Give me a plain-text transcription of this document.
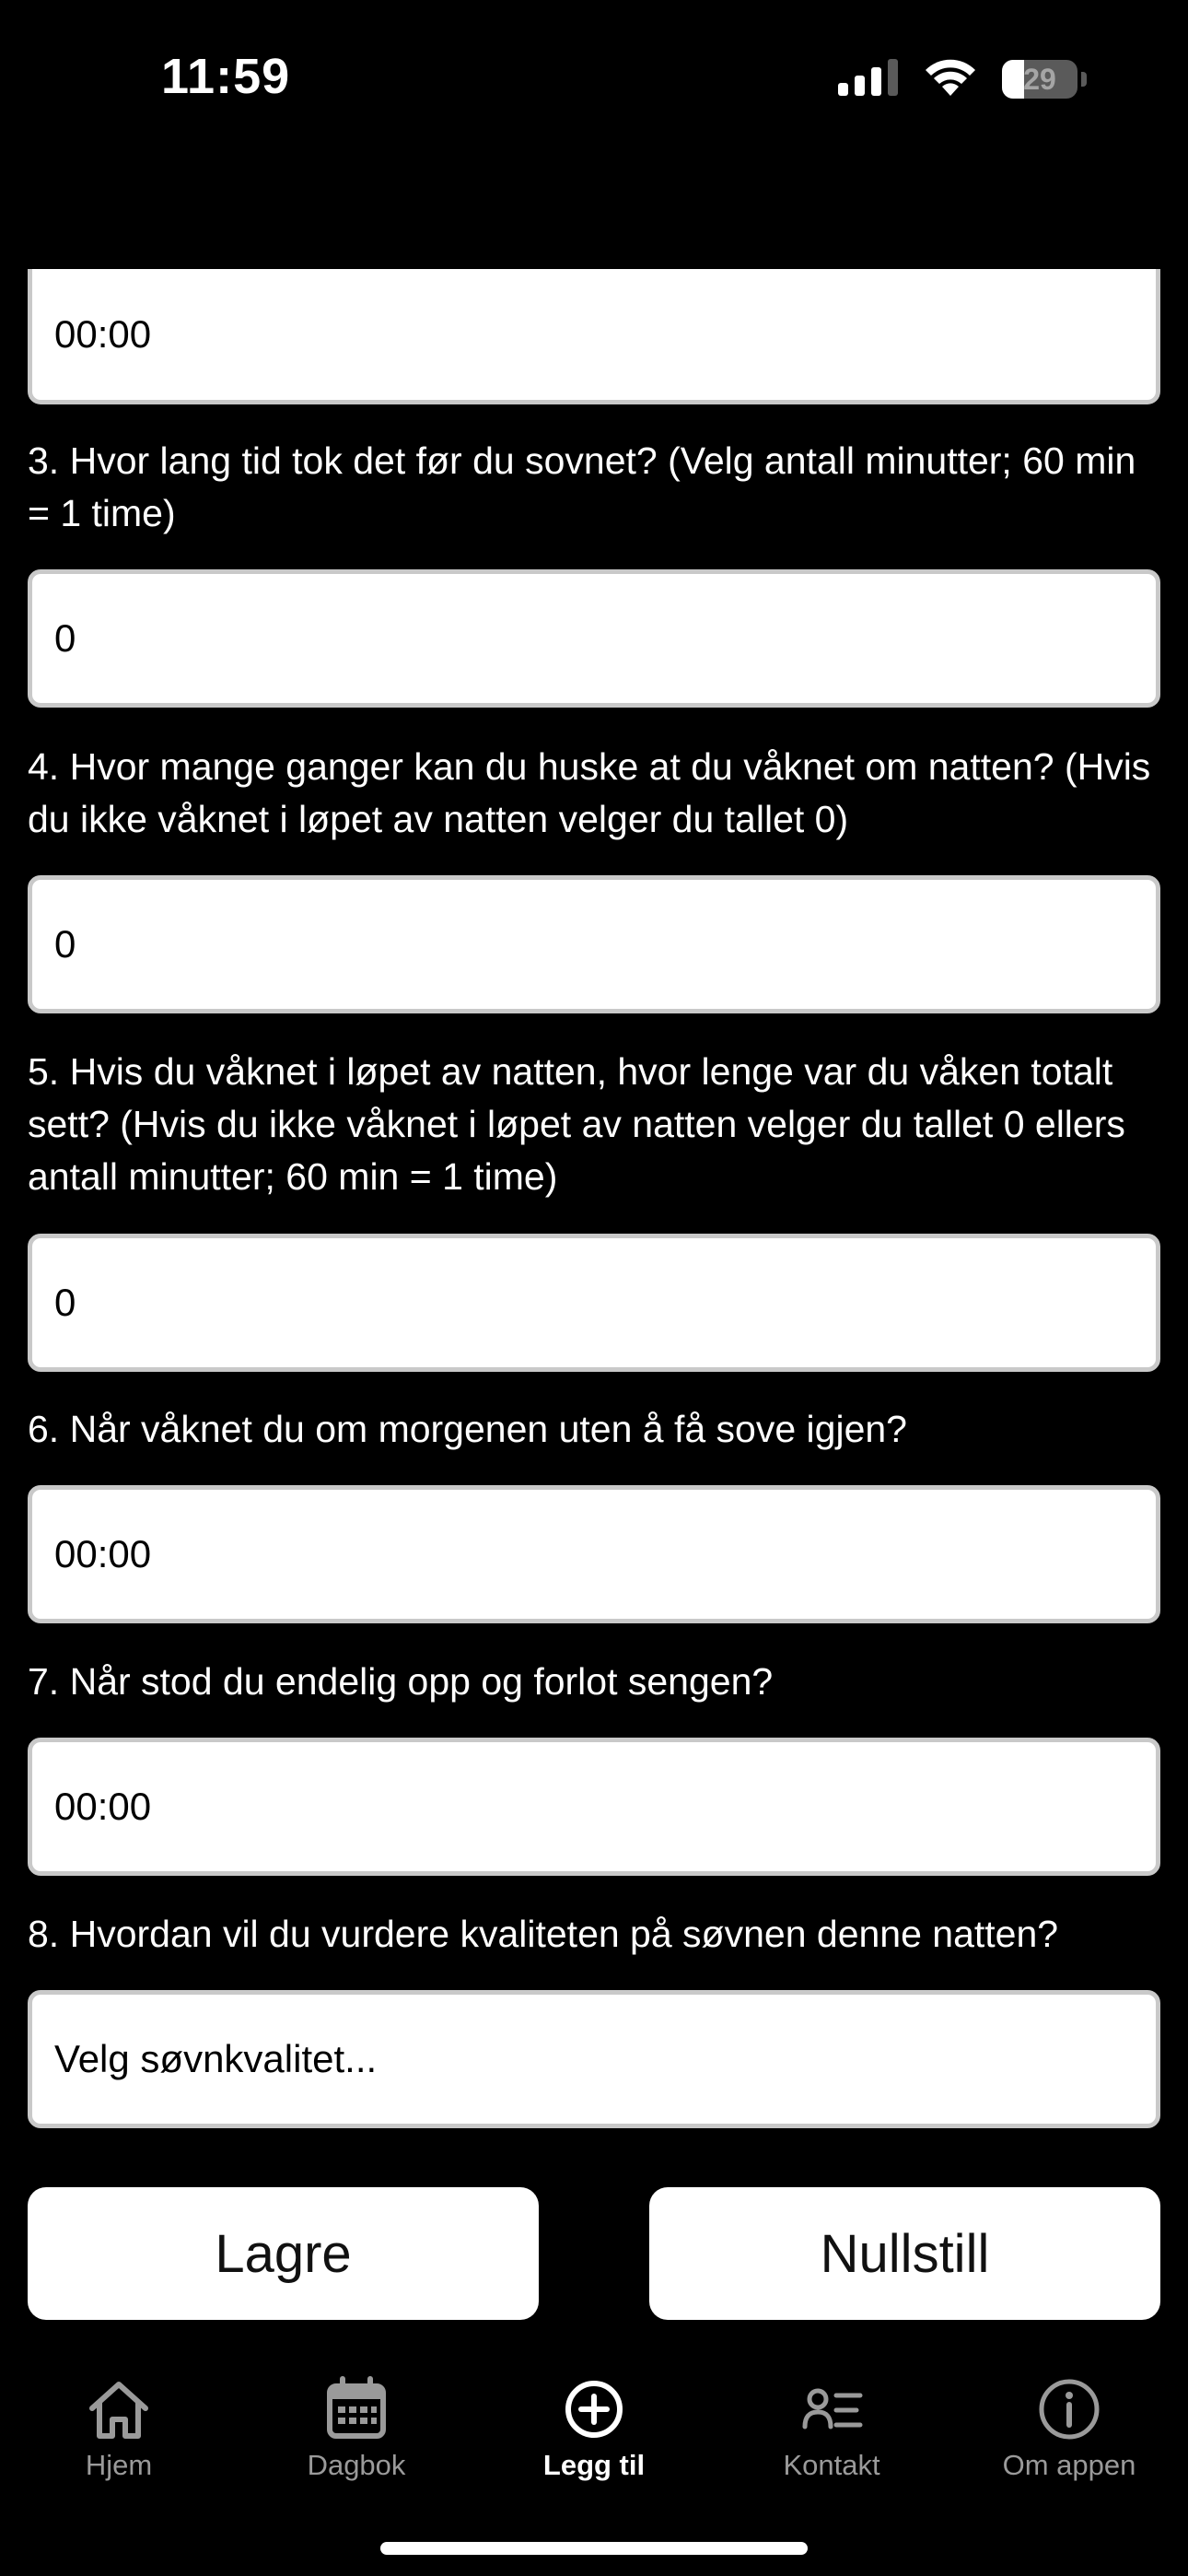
11:59	29
00:00
3. Hvor lang tid tok det før du sovnet? (Velg antall minutter; 60 min = 1 time)
0
4. Hvor mange ganger kan du huske at du våknet om natten? (Hvis du ikke våknet i løpet av natten velger du tallet 0)
0
5. Hvis du våknet i løpet av natten, hvor lenge var du våken totalt sett? (Hvis du ikke våknet i løpet av natten velger du tallet 0 ellers antall minutter; 60 min = 1 time)
0
6. Når våknet du om morgenen uten å få sove igjen?
00:00
7. Når stod du endelig opp og forlot sengen?
00:00
8. Hvordan vil du vurdere kvaliteten på søvnen denne natten?
Velg søvnkvalitet...
Lagre	Nullstill
Hjem	Dagbok	Legg til	Kontakt	Om appen
